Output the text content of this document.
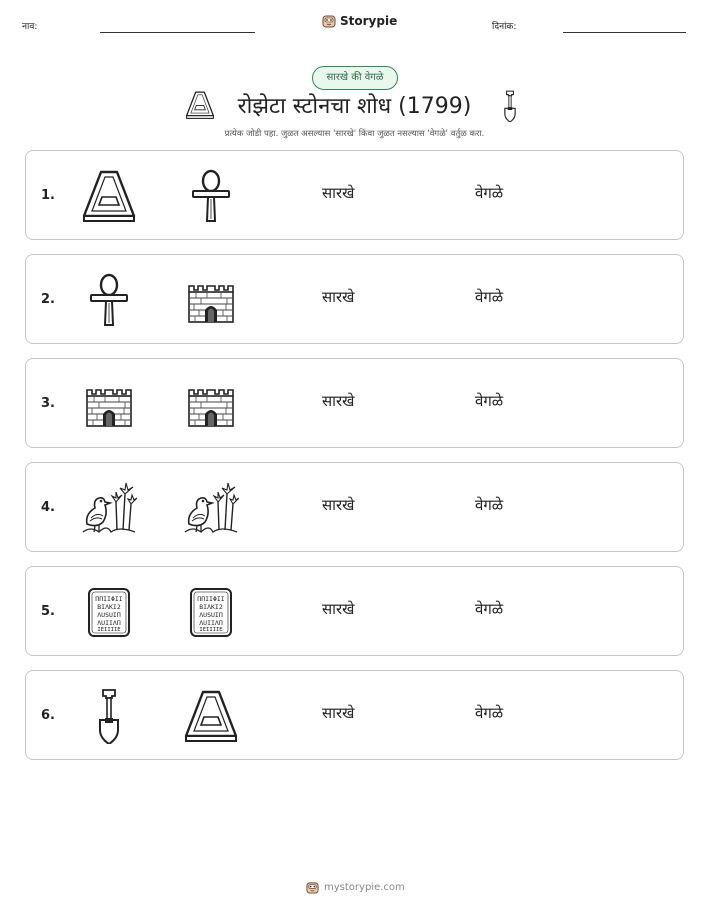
नाव:	Storypie	दिनांक:
सारखे की वेगळे
रोझेटा स्टोनचा शोध (1799)
प्रत्येक जोडी पहा. जुळत असल्यास 'सारखे' किंवा जुळत नसल्यास 'वेगळे' वर्तुळ करा.
1.	सारखे	वेगळे
2.	सारखे	वेगळे
3.	सारखे	वेगळे
4.	सारखे	वेगळे
5.	सारखे	वेगळे
6.	सारखे	वेगळे
mystorypie.com
